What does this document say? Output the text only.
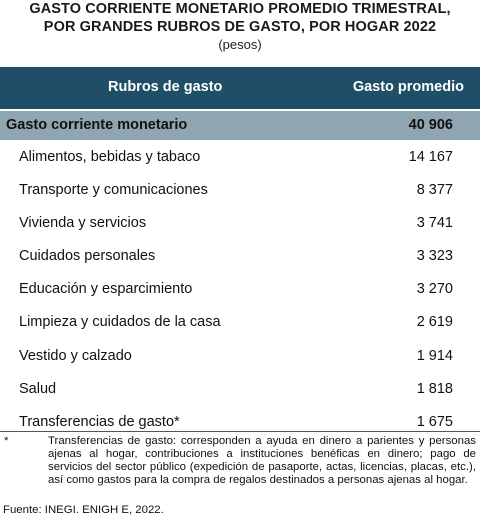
GASTO CORRIENTE MONETARIO PROMEDIO TRIMESTRAL,
POR GRANDES RUBROS DE GASTO, POR HOGAR 2022
(pesos)
Rubros de gasto	Gasto promedio
Gasto corriente monetario	40 906
Alimentos, bebidas y tabaco	14 167
Transporte y comunicaciones	8 377
Vivienda y servicios	3 741
Cuidados personales	3 323
Educación y esparcimiento	3 270
Limpieza y cuidados de la casa	2 619
Vestido y calzado	1 914
Salud	1 818
Transferencias de gasto*	1 675
*	Transferencias de gasto: corresponden a ayuda en dinero a parientes y personas ajenas al hogar, contribuciones a instituciones benéficas en dinero; pago de servicios del sector público (expedición de pasaporte, actas, licencias, placas, etc.), así como gastos para la compra de regalos destinados a personas ajenas al hogar.
Fuente: INEGI. ENIGH E, 2022.
